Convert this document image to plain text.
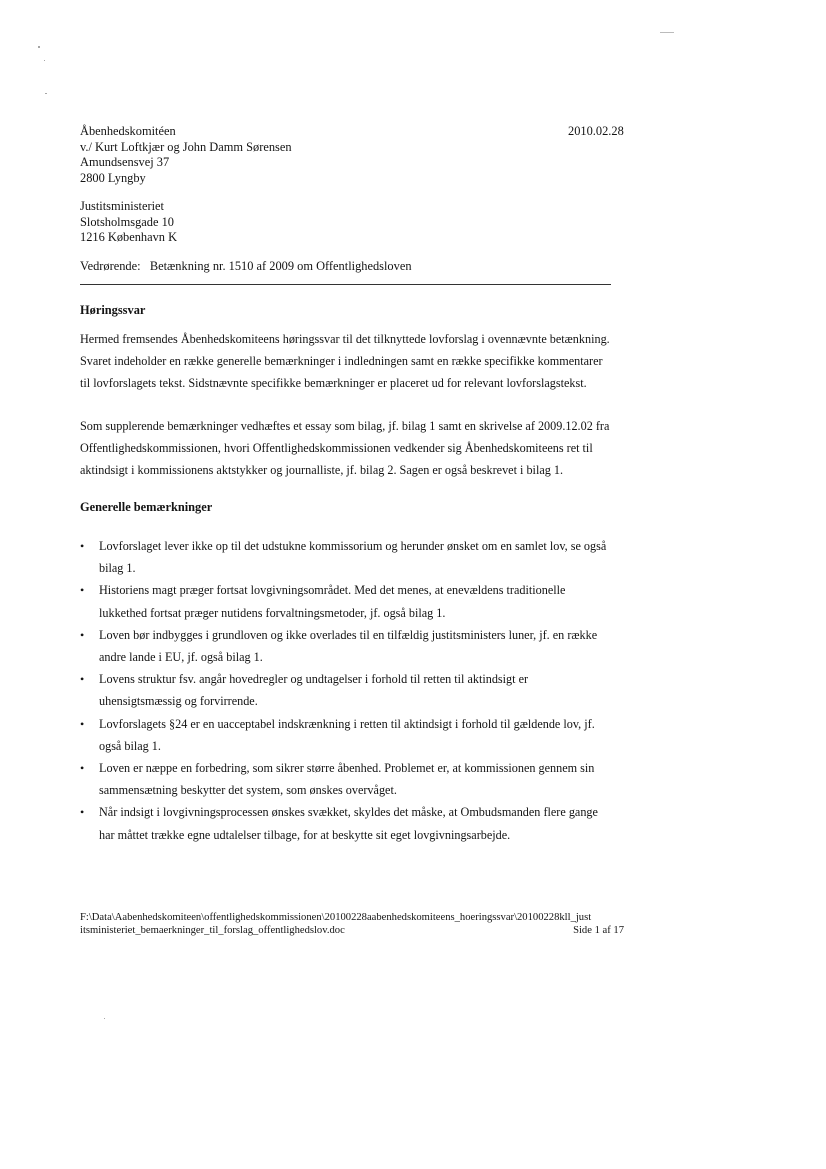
Åbenhedskomitéen
v./ Kurt Loftkjær og John Damm Sørensen
Amundsensvej 37
2800 Lyngby
2010.02.28
Justitsministeriet
Slotsholmsgade 10
1216 København K
Vedrørende:   Betænkning nr. 1510 af 2009 om Offentlighedsloven
Høringssvar
Hermed fremsendes Åbenhedskomiteens høringssvar til det tilknyttede lovforslag i ovennævnte betænkning.
Svaret indeholder en række generelle bemærkninger i indledningen samt en række specifikke kommentarer
til lovforslagets tekst. Sidstnævnte specifikke bemærkninger er placeret ud for relevant lovforslagstekst.
Som supplerende bemærkninger vedhæftes et essay som bilag, jf. bilag 1 samt en skrivelse af 2009.12.02 fra
Offentlighedskommissionen, hvori Offentlighedskommissionen vedkender sig Åbenhedskomiteens ret til
aktindsigt i kommissionens aktstykker og journalliste, jf. bilag 2. Sagen er også beskrevet i bilag 1.
Generelle bemærkninger
• Lovforslaget lever ikke op til det udstukne kommissorium og herunder ønsket om en samlet lov, se også
bilag 1.
• Historiens magt præger fortsat lovgivningsområdet. Med det menes, at enevældens traditionelle
lukkethed fortsat præger nutidens forvaltningsmetoder, jf. også bilag 1.
• Loven bør indbygges i grundloven og ikke overlades til en tilfældig justitsministers luner, jf. en række
andre lande i EU, jf. også bilag 1.
• Lovens struktur fsv. angår hovedregler og undtagelser i forhold til retten til aktindsigt er
uhensigtsmæssig og forvirrende.
• Lovforslagets §24 er en uacceptabel indskrænkning i retten til aktindsigt i forhold til gældende lov, jf.
også bilag 1.
• Loven er næppe en forbedring, som sikrer større åbenhed. Problemet er, at kommissionen gennem sin
sammensætning beskytter det system, som ønskes overvåget.
• Når indsigt i lovgivningsprocessen ønskes svækket, skyldes det måske, at Ombudsmanden flere gange
har måttet trække egne udtalelser tilbage, for at beskytte sit eget lovgivningsarbejde.
F:\Data\Aabenhedskomiteen\offentlighedskommissionen\20100228aabenhedskomiteens_hoeringssvar\20100228kll_just
itsministeriet_bemaerkninger_til_forslag_offentlighedslov.doc	Side 1 af 17
